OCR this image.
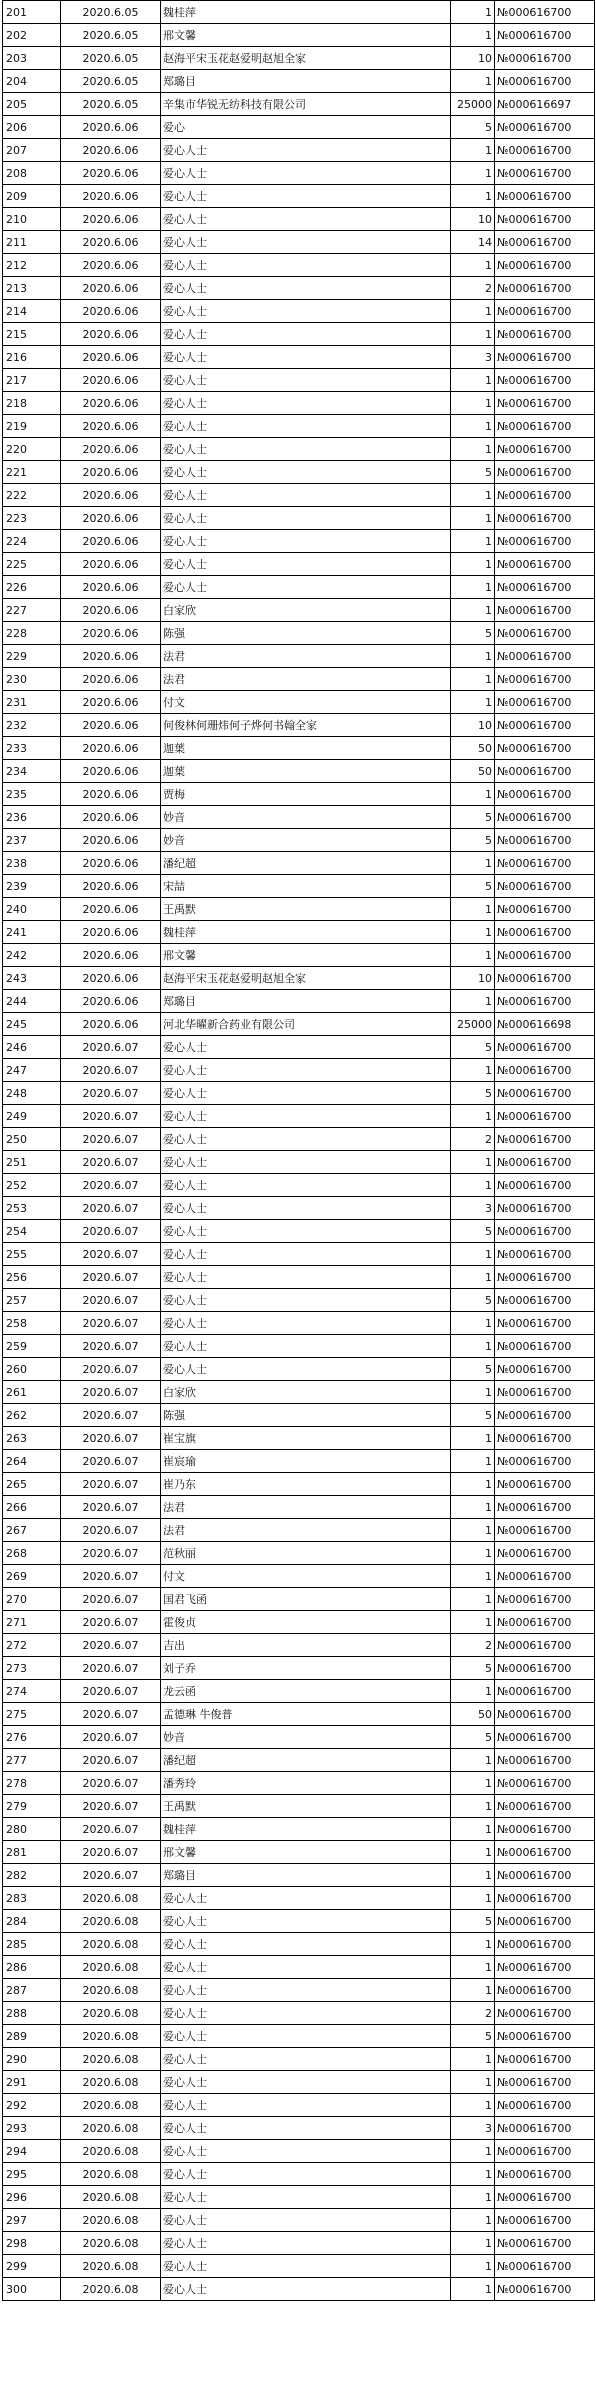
201	2020.6.05	魏桂萍	1	№000616700
202	2020.6.05	邢文馨	1	№000616700
203	2020.6.05	赵海平宋玉花赵爱明赵旭全家	10	№000616700
204	2020.6.05	郑璐目	1	№000616700
205	2020.6.05	辛集市华锐无纺科技有限公司	25000	№000616697
206	2020.6.06	爱心	5	№000616700
207	2020.6.06	爱心人士	1	№000616700
208	2020.6.06	爱心人士	1	№000616700
209	2020.6.06	爱心人士	1	№000616700
210	2020.6.06	爱心人士	10	№000616700
211	2020.6.06	爱心人士	14	№000616700
212	2020.6.06	爱心人士	1	№000616700
213	2020.6.06	爱心人士	2	№000616700
214	2020.6.06	爱心人士	1	№000616700
215	2020.6.06	爱心人士	1	№000616700
216	2020.6.06	爱心人士	3	№000616700
217	2020.6.06	爱心人士	1	№000616700
218	2020.6.06	爱心人士	1	№000616700
219	2020.6.06	爱心人士	1	№000616700
220	2020.6.06	爱心人士	1	№000616700
221	2020.6.06	爱心人士	5	№000616700
222	2020.6.06	爱心人士	1	№000616700
223	2020.6.06	爱心人士	1	№000616700
224	2020.6.06	爱心人士	1	№000616700
225	2020.6.06	爱心人士	1	№000616700
226	2020.6.06	爱心人士	1	№000616700
227	2020.6.06	白家欣	1	№000616700
228	2020.6.06	陈强	5	№000616700
229	2020.6.06	法君	1	№000616700
230	2020.6.06	法君	1	№000616700
231	2020.6.06	付文	1	№000616700
232	2020.6.06	何俊林何珊炜何子烨何书翰全家	10	№000616700
233	2020.6.06	迦葉	50	№000616700
234	2020.6.06	迦葉	50	№000616700
235	2020.6.06	贾梅	1	№000616700
236	2020.6.06	妙音	5	№000616700
237	2020.6.06	妙音	5	№000616700
238	2020.6.06	潘纪超	1	№000616700
239	2020.6.06	宋喆	5	№000616700
240	2020.6.06	王禹默	1	№000616700
241	2020.6.06	魏桂萍	1	№000616700
242	2020.6.06	邢文馨	1	№000616700
243	2020.6.06	赵海平宋玉花赵爱明赵旭全家	10	№000616700
244	2020.6.06	郑璐目	1	№000616700
245	2020.6.06	河北华曜新合药业有限公司	25000	№000616698
246	2020.6.07	爱心人士	5	№000616700
247	2020.6.07	爱心人士	1	№000616700
248	2020.6.07	爱心人士	5	№000616700
249	2020.6.07	爱心人士	1	№000616700
250	2020.6.07	爱心人士	2	№000616700
251	2020.6.07	爱心人士	1	№000616700
252	2020.6.07	爱心人士	1	№000616700
253	2020.6.07	爱心人士	3	№000616700
254	2020.6.07	爱心人士	5	№000616700
255	2020.6.07	爱心人士	1	№000616700
256	2020.6.07	爱心人士	1	№000616700
257	2020.6.07	爱心人士	5	№000616700
258	2020.6.07	爱心人士	1	№000616700
259	2020.6.07	爱心人士	1	№000616700
260	2020.6.07	爱心人士	5	№000616700
261	2020.6.07	白家欣	1	№000616700
262	2020.6.07	陈强	5	№000616700
263	2020.6.07	崔宝旗	1	№000616700
264	2020.6.07	崔宸瑜	1	№000616700
265	2020.6.07	崔乃东	1	№000616700
266	2020.6.07	法君	1	№000616700
267	2020.6.07	法君	1	№000616700
268	2020.6.07	范秋丽	1	№000616700
269	2020.6.07	付文	1	№000616700
270	2020.6.07	国君飞函	1	№000616700
271	2020.6.07	霍俊贞	1	№000616700
272	2020.6.07	吉出	2	№000616700
273	2020.6.07	刘子乔	5	№000616700
274	2020.6.07	龙云函	1	№000616700
275	2020.6.07	孟德琳 牛俊普	50	№000616700
276	2020.6.07	妙音	5	№000616700
277	2020.6.07	潘纪超	1	№000616700
278	2020.6.07	潘秀玲	1	№000616700
279	2020.6.07	王禹默	1	№000616700
280	2020.6.07	魏桂萍	1	№000616700
281	2020.6.07	邢文馨	1	№000616700
282	2020.6.07	郑璐目	1	№000616700
283	2020.6.08	爱心人士	1	№000616700
284	2020.6.08	爱心人士	5	№000616700
285	2020.6.08	爱心人士	1	№000616700
286	2020.6.08	爱心人士	1	№000616700
287	2020.6.08	爱心人士	1	№000616700
288	2020.6.08	爱心人士	2	№000616700
289	2020.6.08	爱心人士	5	№000616700
290	2020.6.08	爱心人士	1	№000616700
291	2020.6.08	爱心人士	1	№000616700
292	2020.6.08	爱心人士	1	№000616700
293	2020.6.08	爱心人士	3	№000616700
294	2020.6.08	爱心人士	1	№000616700
295	2020.6.08	爱心人士	1	№000616700
296	2020.6.08	爱心人士	1	№000616700
297	2020.6.08	爱心人士	1	№000616700
298	2020.6.08	爱心人士	1	№000616700
299	2020.6.08	爱心人士	1	№000616700
300	2020.6.08	爱心人士	1	№000616700
